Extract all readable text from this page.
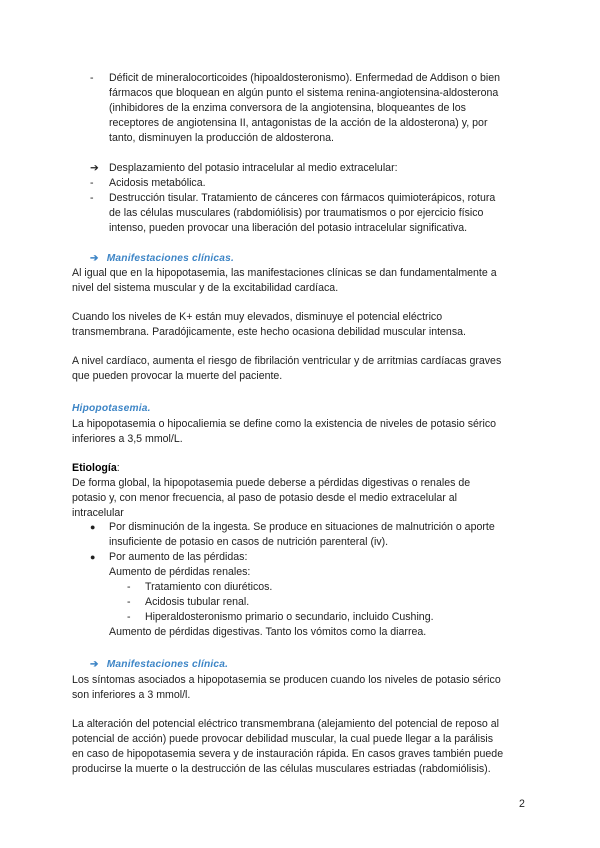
- Déficit de mineralocorticoides (hipoaldosteronismo). Enfermedad de Addison o bien
fármacos que bloquean en algún punto el sistema renina-angiotensina-aldosterona
(inhibidores de la enzima conversora de la angiotensina, bloqueantes de los
receptores de angiotensina II, antagonistas de la acción de la aldosterona) y, por
tanto, disminuyen la producción de aldosterona.
➔ Desplazamiento del potasio intracelular al medio extracelular:
- Acidosis metabólica.
- Destrucción tisular. Tratamiento de cánceres con fármacos quimioterápicos, rotura
de las células musculares (rabdomiólisis) por traumatismos o por ejercicio físico
intenso, pueden provocar una liberación del potasio intracelular significativa.
➔ Manifestaciones clínicas.
Al igual que en la hipopotasemia, las manifestaciones clínicas se dan fundamentalmente a
nivel del sistema muscular y de la excitabilidad cardíaca.
Cuando los niveles de K+ están muy elevados, disminuye el potencial eléctrico
transmembrana. Paradójicamente, este hecho ocasiona debilidad muscular intensa.
A nivel cardíaco, aumenta el riesgo de fibrilación ventricular y de arritmias cardíacas graves
que pueden provocar la muerte del paciente.
Hipopotasemia.
La hipopotasemia o hipocaliemia se define como la existencia de niveles de potasio sérico
inferiores a 3,5 mmol/L.
Etiología:
De forma global, la hipopotasemia puede deberse a pérdidas digestivas o renales de
potasio y, con menor frecuencia, al paso de potasio desde el medio extracelular al
intracelular
● Por disminución de la ingesta. Se produce en situaciones de malnutrición o aporte
insuficiente de potasio en casos de nutrición parenteral (iv).
● Por aumento de las pérdidas:
Aumento de pérdidas renales:
- Tratamiento con diuréticos.
- Acidosis tubular renal.
- Hiperaldosteronismo primario o secundario, incluido Cushing.
Aumento de pérdidas digestivas. Tanto los vómitos como la diarrea.
➔ Manifestaciones clínica.
Los síntomas asociados a hipopotasemia se producen cuando los niveles de potasio sérico
son inferiores a 3 mmol/l.
La alteración del potencial eléctrico transmembrana (alejamiento del potencial de reposo al
potencial de acción) puede provocar debilidad muscular, la cual puede llegar a la parálisis
en caso de hipopotasemia severa y de instauración rápida. En casos graves también puede
producirse la muerte o la destrucción de las células musculares estriadas (rabdomiólisis).
2
